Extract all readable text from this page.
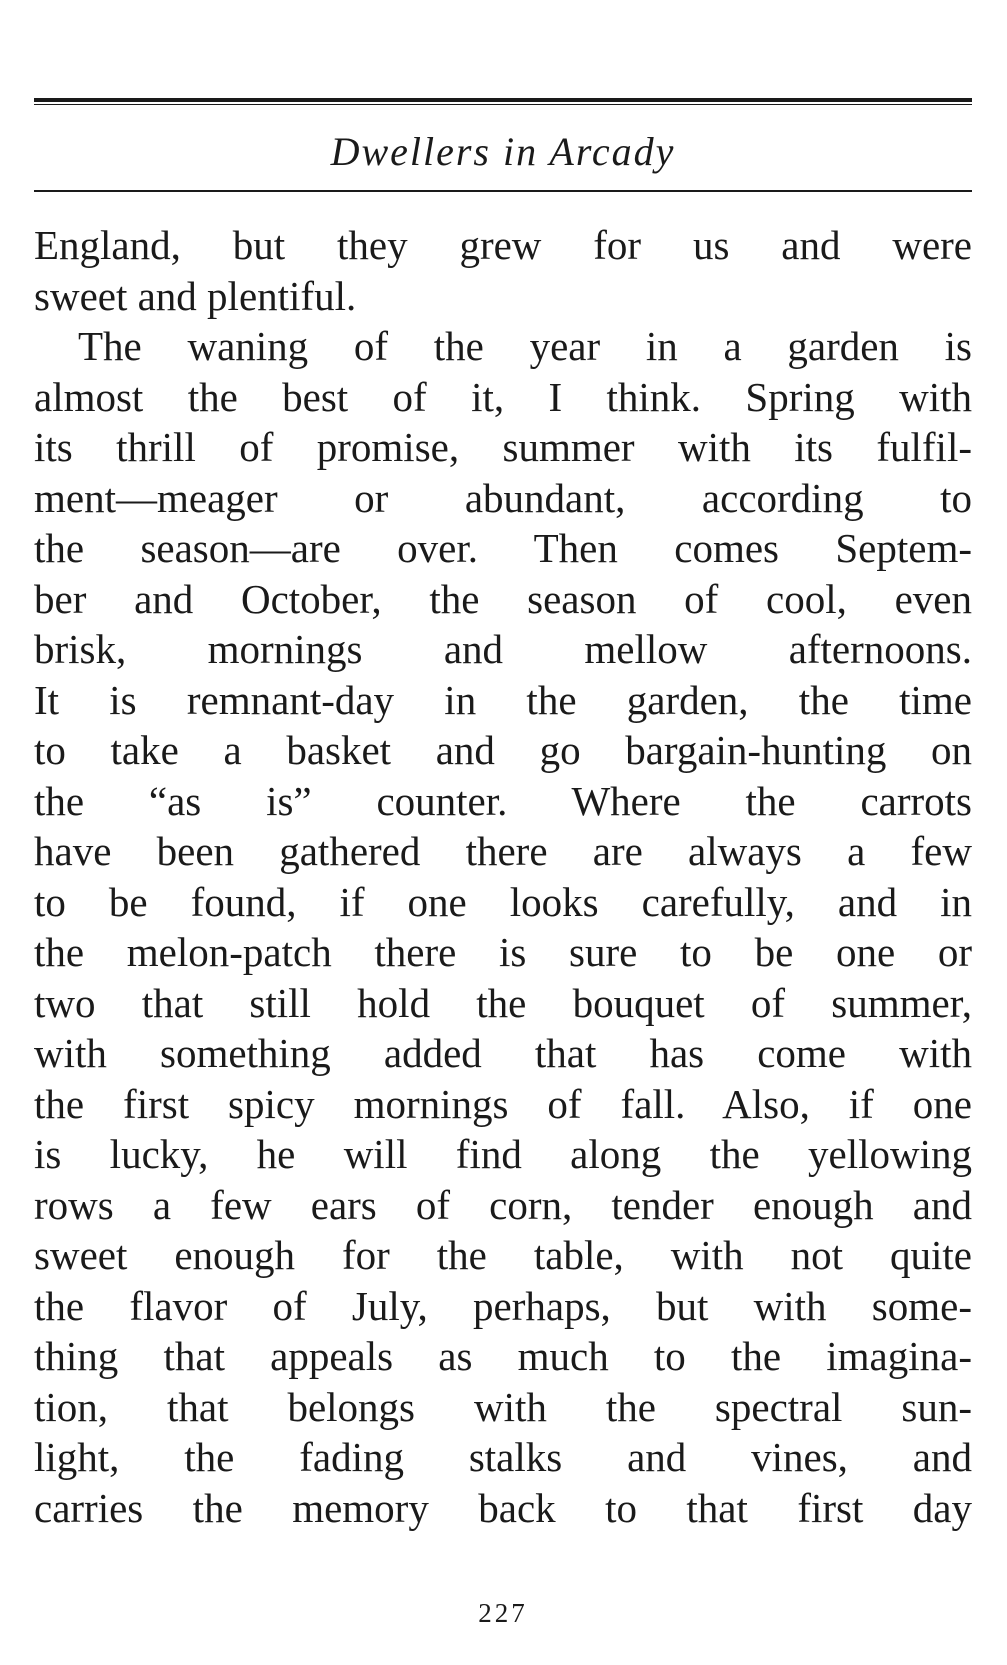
Dwellers in Arcady
England, but they grew for us and were
sweet and plentiful.
The waning of the year in a garden is
almost the best of it, I think. Spring with
its thrill of promise, summer with its fulfil-
ment—meager or abundant, according to
the season—are over. Then comes Septem-
ber and October, the season of cool, even
brisk, mornings and mellow afternoons.
It is remnant-day in the garden, the time
to take a basket and go bargain-hunting on
the “as is” counter. Where the carrots
have been gathered there are always a few
to be found, if one looks carefully, and in
the melon-patch there is sure to be one or
two that still hold the bouquet of summer,
with something added that has come with
the first spicy mornings of fall. Also, if one
is lucky, he will find along the yellowing
rows a few ears of corn, tender enough and
sweet enough for the table, with not quite
the flavor of July, perhaps, but with some-
thing that appeals as much to the imagina-
tion, that belongs with the spectral sun-
light, the fading stalks and vines, and
carries the memory back to that first day
227
